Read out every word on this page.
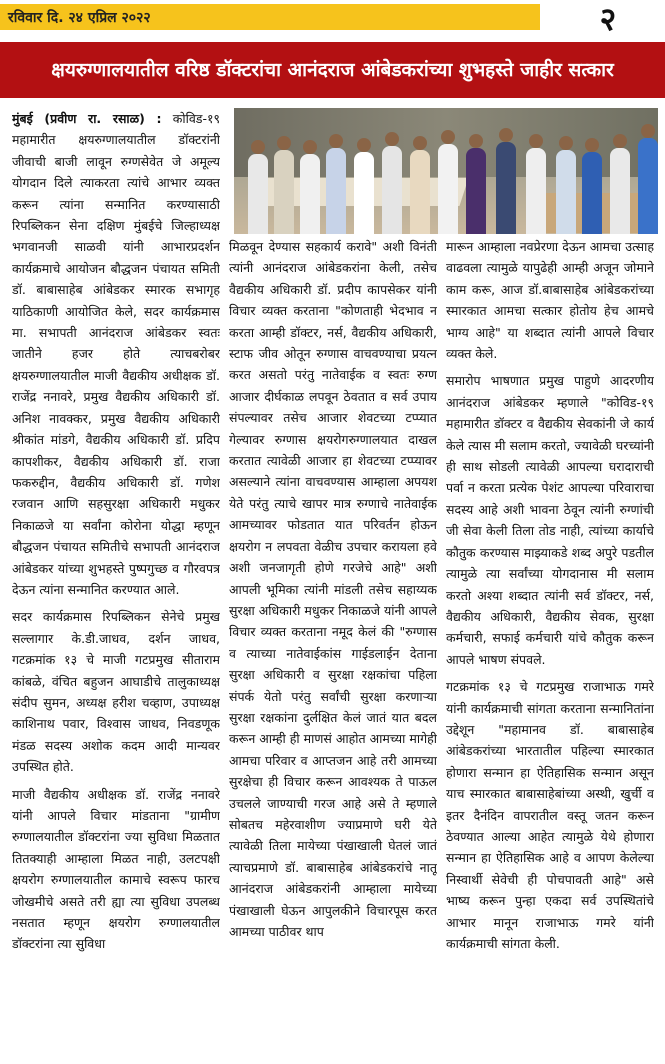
रविवार दि. २४ एप्रिल २०२२	२
क्षयरुग्णालयातील वरिष्ठ डॉक्टरांचा आनंदराज आंबेडकरांच्या शुभहस्ते जाहीर सत्कार

मुंबई (प्रवीण रा. रसाळ) : कोविड-१९ महामारीत क्षयरुग्णालयातील डॉक्टरांनी जीवाची बाजी लावून रुग्णसेवेत जे अमूल्य योगदान दिले त्याकरता त्यांचे आभार व्यक्त करून त्यांना सन्मानित करण्यासाठी रिपब्लिकन सेना दक्षिण मुंबईचे जिल्हाध्यक्ष भगवानजी साळवी यांनी आभारप्रदर्शन कार्यक्रमाचे आयोजन बौद्धजन पंचायत समिती डॉ. बाबासाहेब आंबेडकर स्मारक सभागृह याठिकाणी आयोजित केले, सदर कार्यक्रमास मा. सभापती आनंदराज आंबेडकर स्वतः जातीने हजर होते त्याचबरोबर क्षयरुग्णालयातील माजी वैद्यकीय अधीक्षक डॉ. राजेंद्र ननावरे, प्रमुख वैद्यकीय अधिकारी डॉ. अनिश नावक्कर, प्रमुख वैद्यकीय अधिकारी श्रीकांत मांडगे, वैद्यकीय अधिकारी डॉ. प्रदिप कापशीकर, वैद्यकीय अधिकारी डॉ. राजा फकरुद्दीन, वैद्यकीय अधिकारी डॉ. गणेश रजवान आणि सहसुरक्षा अधिकारी मधुकर निकाळजे या सर्वांना कोरोना योद्धा म्हणून बौद्धजन पंचायत समितीचे सभापती आनंदराज आंबेडकर यांच्या शुभहस्ते पुष्पगुच्छ व गौरवपत्र देऊन त्यांना सन्मानित करण्यात आले.

सदर कार्यक्रमास रिपब्लिकन सेनेचे प्रमुख सल्लागार के.डी.जाधव, दर्शन जाधव, गटक्रमांक १३ चे माजी गटप्रमुख सीताराम कांबळे, वंचित बहुजन आघाडीचे तालुकाध्यक्ष संदीप सुमन, अध्यक्ष हरीश चव्हाण, उपाध्यक्ष काशिनाथ पवार, विश्वास जाधव, निवडणूक मंडळ सदस्य अशोक कदम आदी मान्यवर उपस्थित होते.

माजी वैद्यकीय अधीक्षक डॉ. राजेंद्र ननावरे यांनी आपले विचार मांडताना "ग्रामीण रुग्णालयातील डॉक्टरांना ज्या सुविधा मिळतात तितक्याही आम्हाला मिळत नाही, उलटपक्षी क्षयरोग रुग्णालयातील कामाचे स्वरूप फारच जोखमीचे असते तरी ह्या त्या सुविधा उपलब्ध नसतात म्हणून क्षयरोग रुग्णालयातील डॉक्टरांना त्या सुविधा

मिळवून देण्यास सहकार्य करावे" अशी विनंती त्यांनी आनंदराज आंबेडकरांना केली, तसेच वैद्यकीय अधिकारी डॉ. प्रदीप कापसेकर यांनी विचार व्यक्त करताना "कोणताही भेदभाव न करता आम्ही डॉक्टर, नर्स, वैद्यकीय अधिकारी, स्टाफ जीव ओतून रुग्णास वाचवण्याचा प्रयत्न करत असतो परंतु नातेवाईक व स्वतः रुग्ण आजार दीर्घकाळ लपवून ठेवतात व सर्व उपाय संपल्यावर तसेच आजार शेवटच्या टप्प्यात गेल्यावर रुग्णास क्षयरोगरुग्णालयात दाखल करतात त्यावेळी आजार हा शेवटच्या टप्प्यावर असल्याने त्यांना वाचवण्यास आम्हाला अपयश येते परंतु त्याचे खापर मात्र रुग्णाचे नातेवाईक आमच्यावर फोडतात यात परिवर्तन होऊन क्षयरोग न लपवता वेळीच उपचार करायला हवे अशी जनजागृती होणे गरजेचे आहे" अशी आपली भूमिका त्यांनी मांडली तसेच सहाय्यक सुरक्षा अधिकारी मधुकर निकाळजे यांनी आपले विचार व्यक्त करताना नमूद केलं की "रुग्णास व त्याच्या नातेवाईकांस गाईडलाईन देताना सुरक्षा अधिकारी व सुरक्षा रक्षकांचा पहिला संपर्क येतो परंतु सर्वांची सुरक्षा करणाऱ्या सुरक्षा रक्षकांना दुर्लक्षित केलं जातं यात बदल करून आम्ही ही माणसं आहोत आमच्या मागेही आमचा परिवार व आप्तजन आहे तरी आमच्या सुरक्षेचा ही विचार करून आवश्यक ते पाऊल उचलले जाण्याची गरज आहे असे ते म्हणाले सोबतच महेरवाशीण ज्याप्रमाणे घरी येते त्यावेळी तिला मायेच्या पंखाखाली घेतलं जातं त्याचप्रमाणे डॉ. बाबासाहेब आंबेडकरांचे नातू आनंदराज आंबेडकरांनी आम्हाला मायेच्या पंखाखाली घेऊन आपुलकीने विचारपूस करत आमच्या पाठीवर थाप

मारून आम्हाला नवप्रेरणा देऊन आमचा उत्साह वाढवला त्यामुळे यापुढेही आम्ही अजून जोमाने काम करू, आज डॉ.बाबासाहेब आंबेडकरांच्या स्मारकात आमचा सत्कार होतोय हेच आमचे भाग्य आहे" या शब्दात त्यांनी आपले विचार व्यक्त केले.

समारोप भाषणात प्रमुख पाहुणे आदरणीय आनंदराज आंबेडकर म्हणाले "कोविड-१९ महामारीत डॉक्टर व वैद्यकीय सेवकांनी जे कार्य केले त्यास मी सलाम करतो, ज्यावेळी घरच्यांनी ही साथ सोडली त्यावेळी आपल्या घरादाराची पर्वा न करता प्रत्येक पेशंट आपल्या परिवाराचा सदस्य आहे अशी भावना ठेवून त्यांनी रुग्णांची जी सेवा केली तिला तोड नाही, त्यांच्या कार्याचे कौतुक करण्यास माझ्याकडे शब्द अपुरे पडतील त्यामुळे त्या सर्वांच्या योगदानास मी सलाम करतो अश्या शब्दात त्यांनी सर्व डॉक्टर, नर्स, वैद्यकीय अधिकारी, वैद्यकीय सेवक, सुरक्षा कर्मचारी, सफाई कर्मचारी यांचे कौतुक करून आपले भाषण संपवले.

गटक्रमांक १३ चे गटप्रमुख राजाभाऊ गमरे यांनी कार्यक्रमाची सांगता करताना सन्मानितांना उद्देशून "महामानव डॉ. बाबासाहेब आंबेडकरांच्या भारतातील पहिल्या स्मारकात होणारा सन्मान हा ऐतिहासिक सन्मान असून याच स्मारकात बाबासाहेबांच्या अस्थी, खुर्ची व इतर दैनंदिन वापरातील वस्तू जतन करून ठेवण्यात आल्या आहेत त्यामुळे येथे होणारा सन्मान हा ऐतिहासिक आहे व आपण केलेल्या निस्वार्थी सेवेची ही पोचपावती आहे" असे भाष्य करून पुन्हा एकदा सर्व उपस्थितांचे आभार मानून राजाभाऊ गमरे यांनी कार्यक्रमाची सांगता केली.
